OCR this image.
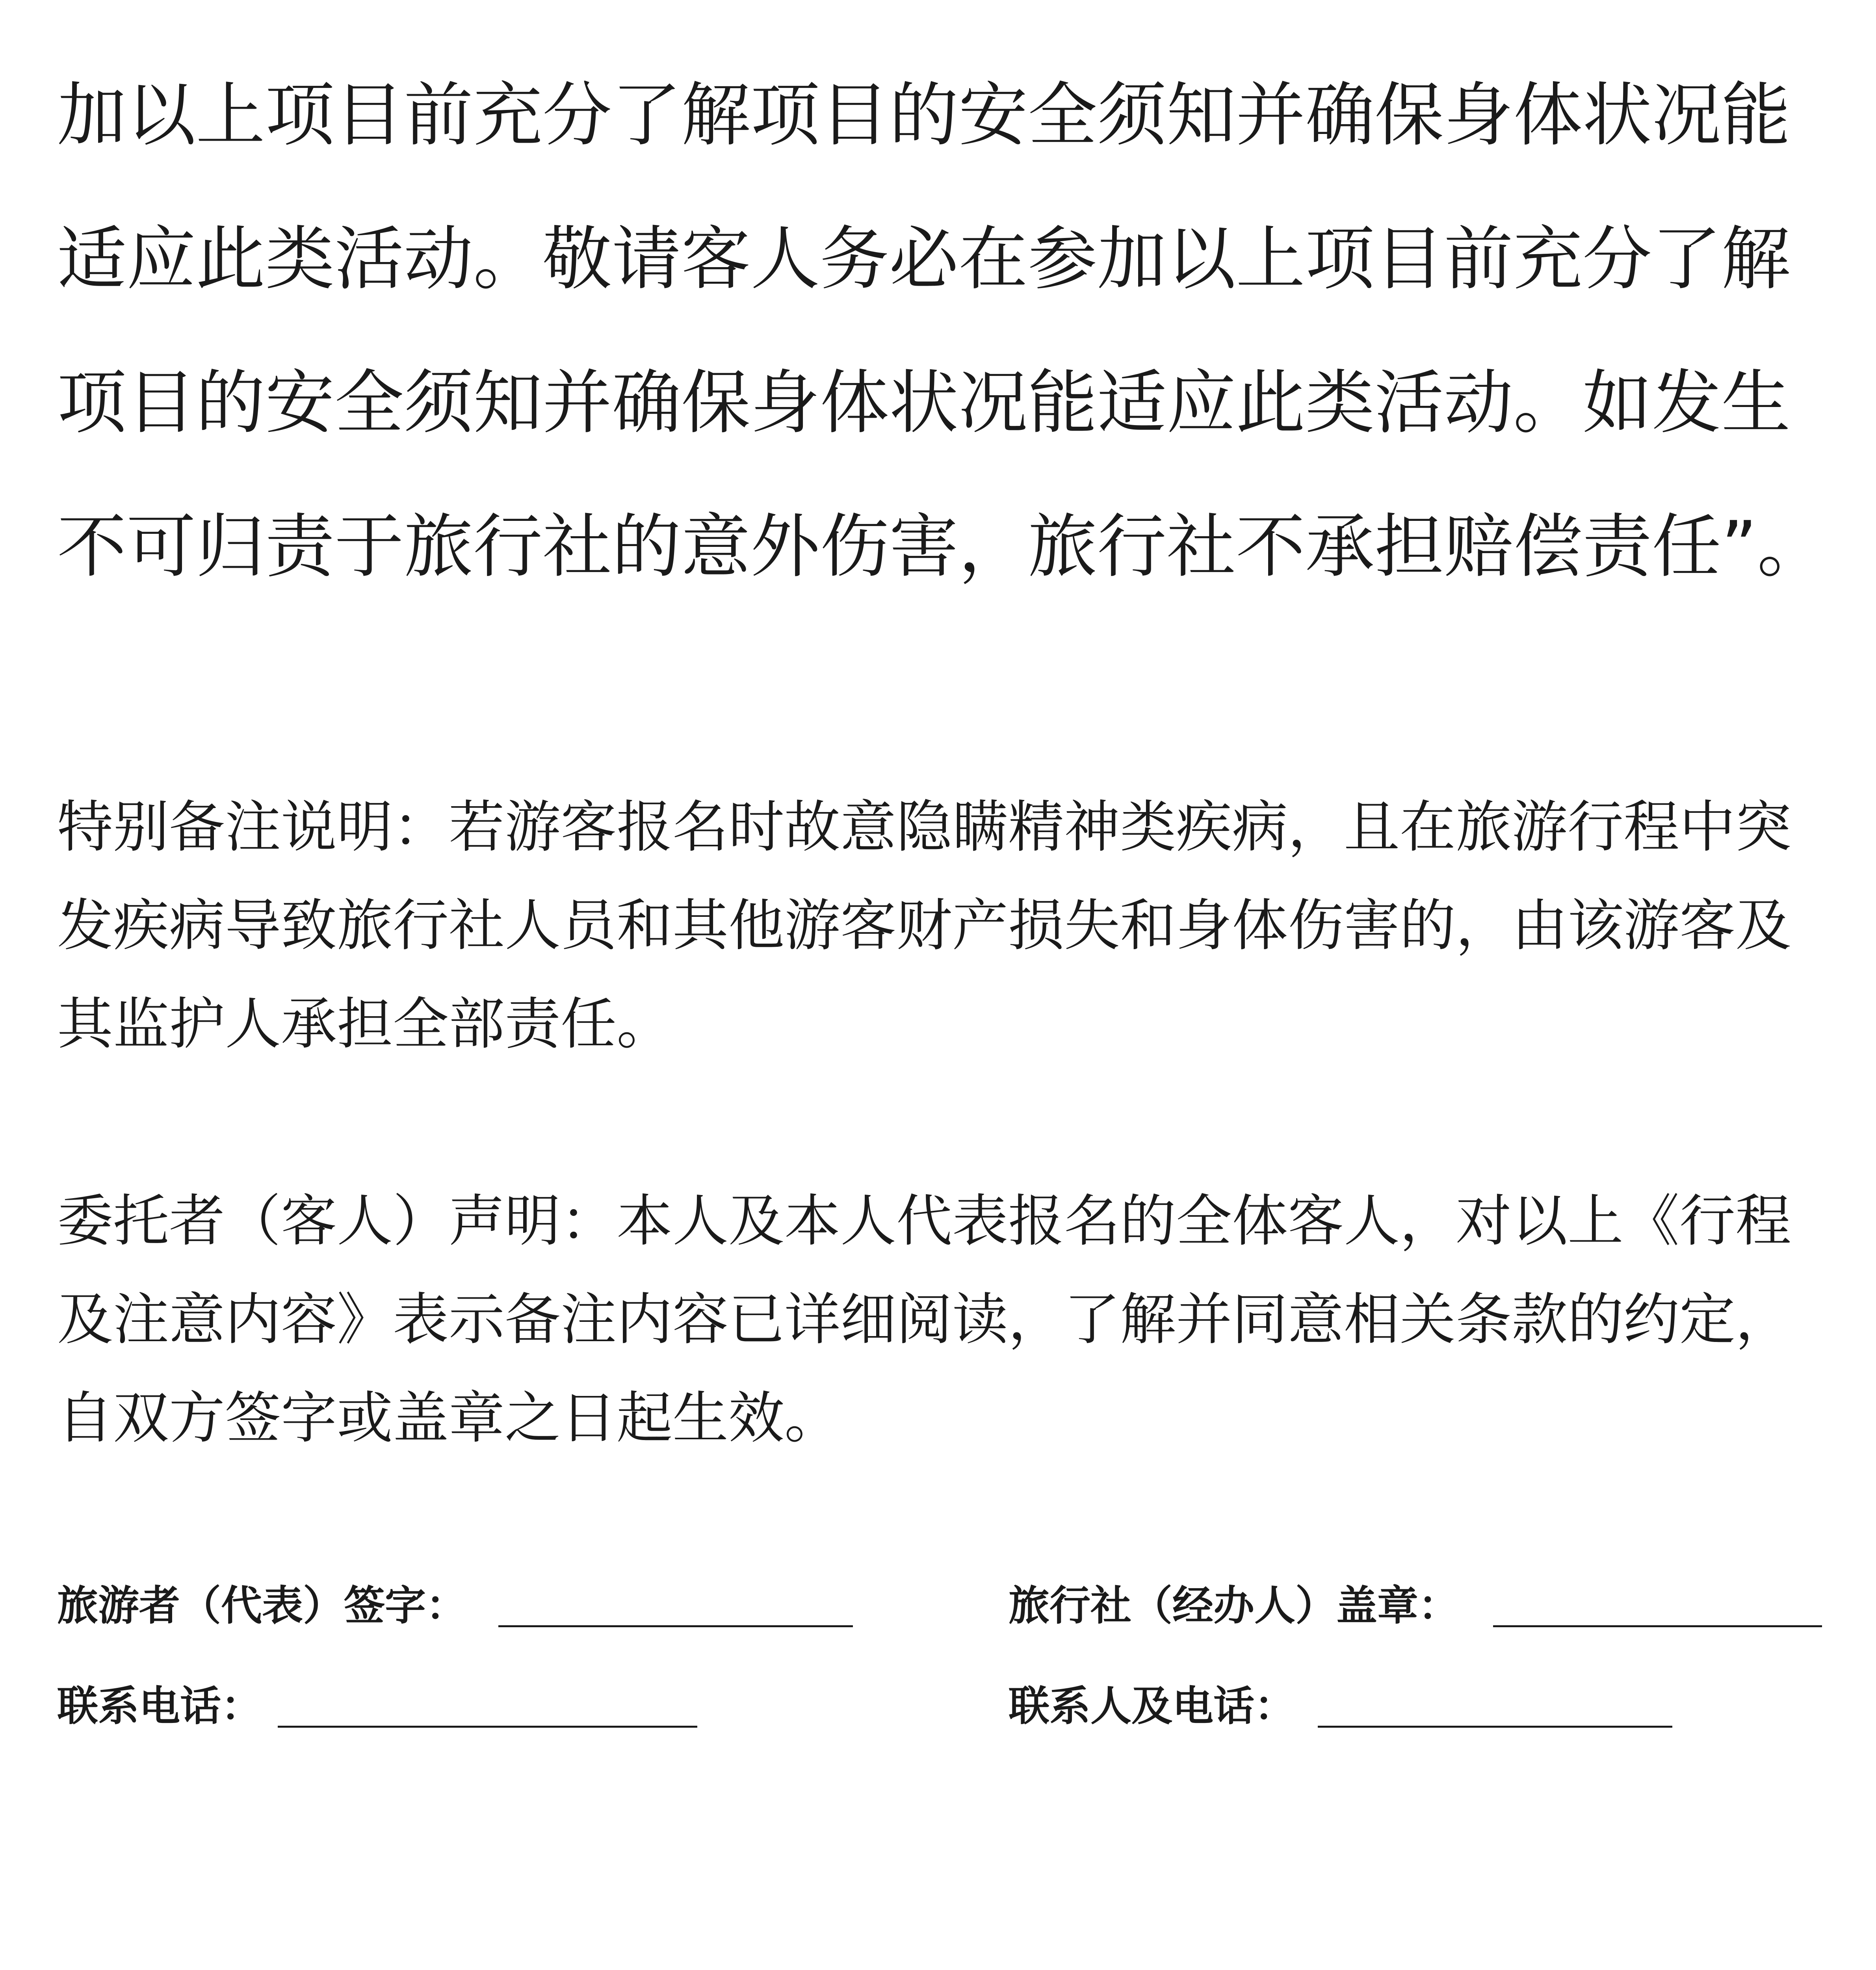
加以上项目前充分了解项目的安全须知并确保身体状况能
适应此类活动。敬请客人务必在参加以上项目前充分了解
项目的安全须知并确保身体状况能适应此类活动。如发生
不可归责于旅行社的意外伤害，旅行社不承担赔偿责任”。
特别备注说明：若游客报名时故意隐瞒精神类疾病，且在旅游行程中突
发疾病导致旅行社人员和其他游客财产损失和身体伤害的，由该游客及
其监护人承担全部责任。
委托者（客人）声明：本人及本人代表报名的全体客人，对以上《行程
及注意内容》表示备注内容已详细阅读，了解并同意相关条款的约定，
自双方签字或盖章之日起生效。
旅游者（代表）签字：	旅行社（经办人）盖章：
联系电话：	联系人及电话：
